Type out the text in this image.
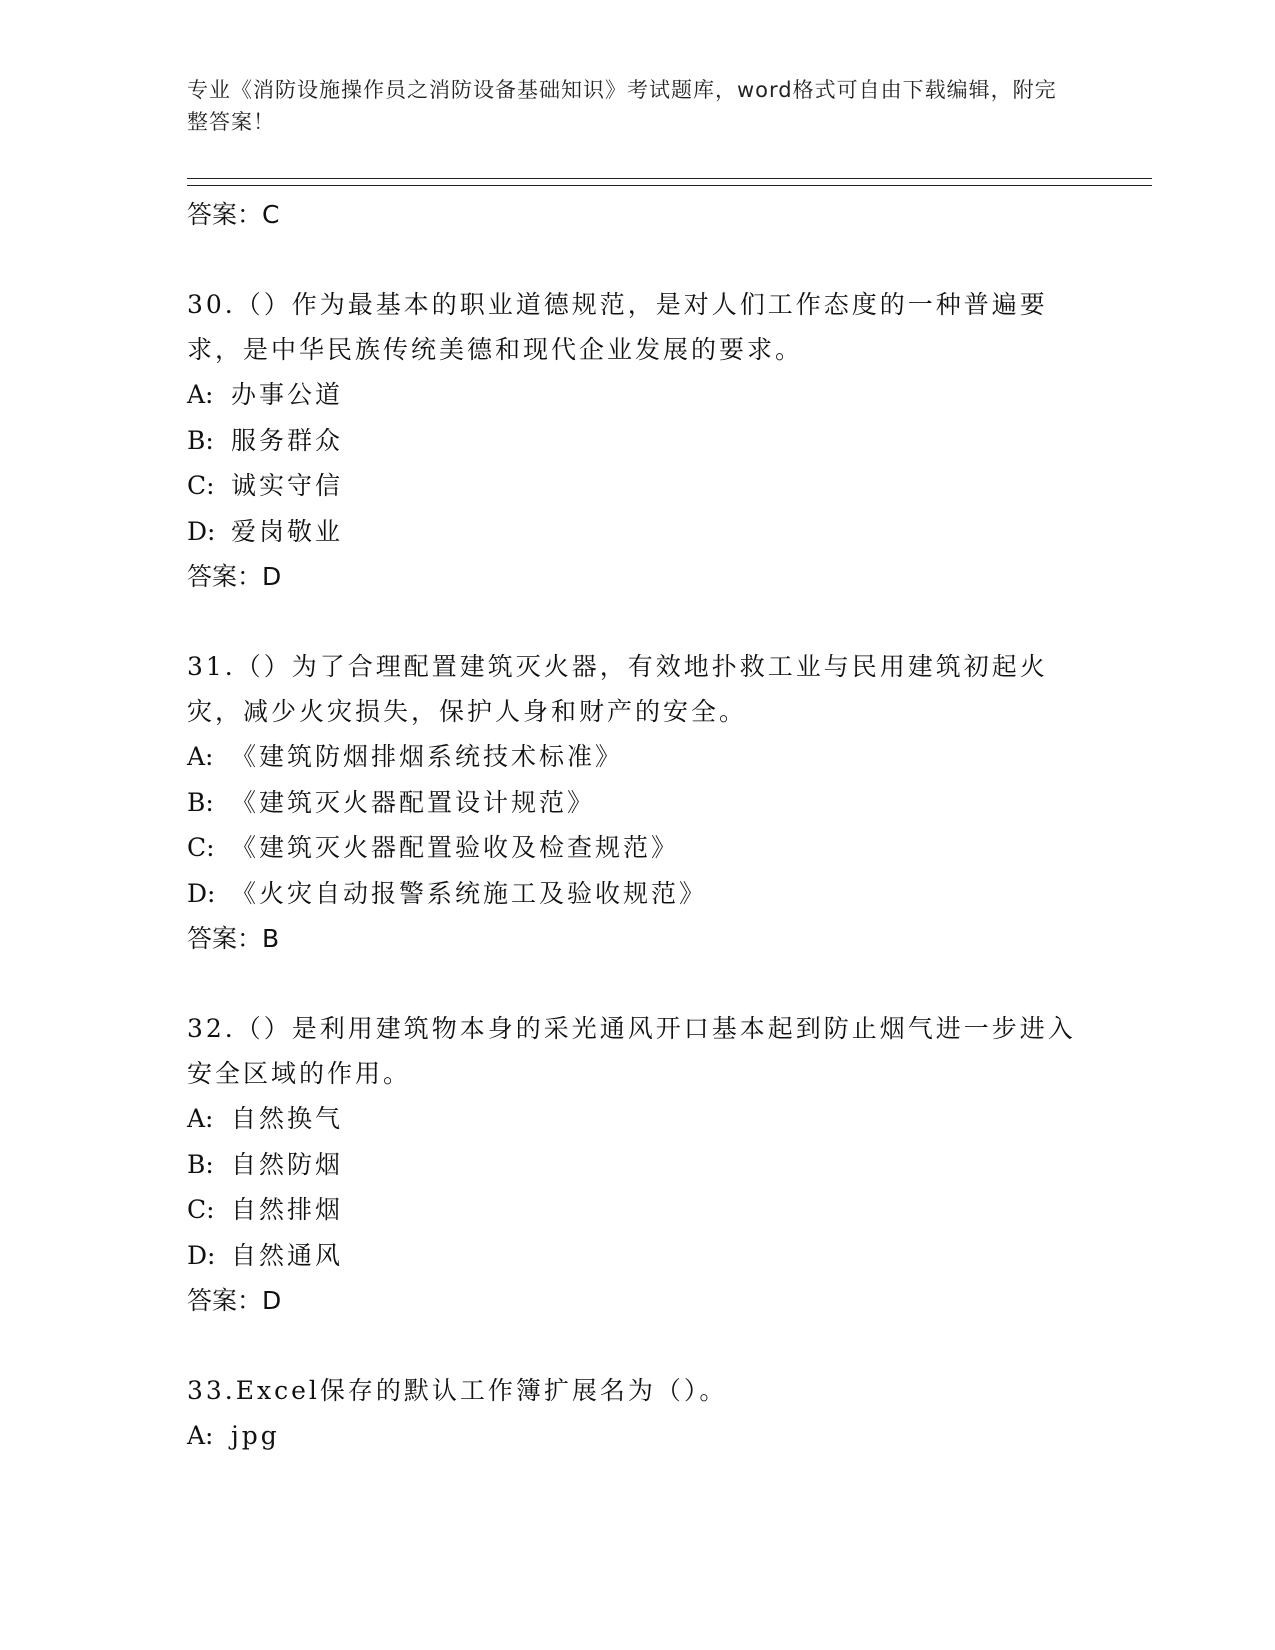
专业《消防设施操作员之消防设备基础知识》考试题库，word格式可自由下载编辑，附完整答案！
答案：C
30.（）作为最基本的职业道德规范，是对人们工作态度的一种普遍要求，是中华民族传统美德和现代企业发展的要求。
A: 办事公道
B: 服务群众
C: 诚实守信
D: 爱岗敬业
答案：D
31.（）为了合理配置建筑灭火器，有效地扑救工业与民用建筑初起火灾，减少火灾损失，保护人身和财产的安全。
A: 《建筑防烟排烟系统技术标准》
B: 《建筑灭火器配置设计规范》
C: 《建筑灭火器配置验收及检查规范》
D: 《火灾自动报警系统施工及验收规范》
答案：B
32.（）是利用建筑物本身的采光通风开口基本起到防止烟气进一步进入安全区域的作用。
A: 自然换气
B: 自然防烟
C: 自然排烟
D: 自然通风
答案：D
33.Excel保存的默认工作簿扩展名为（）。
A: jpg
